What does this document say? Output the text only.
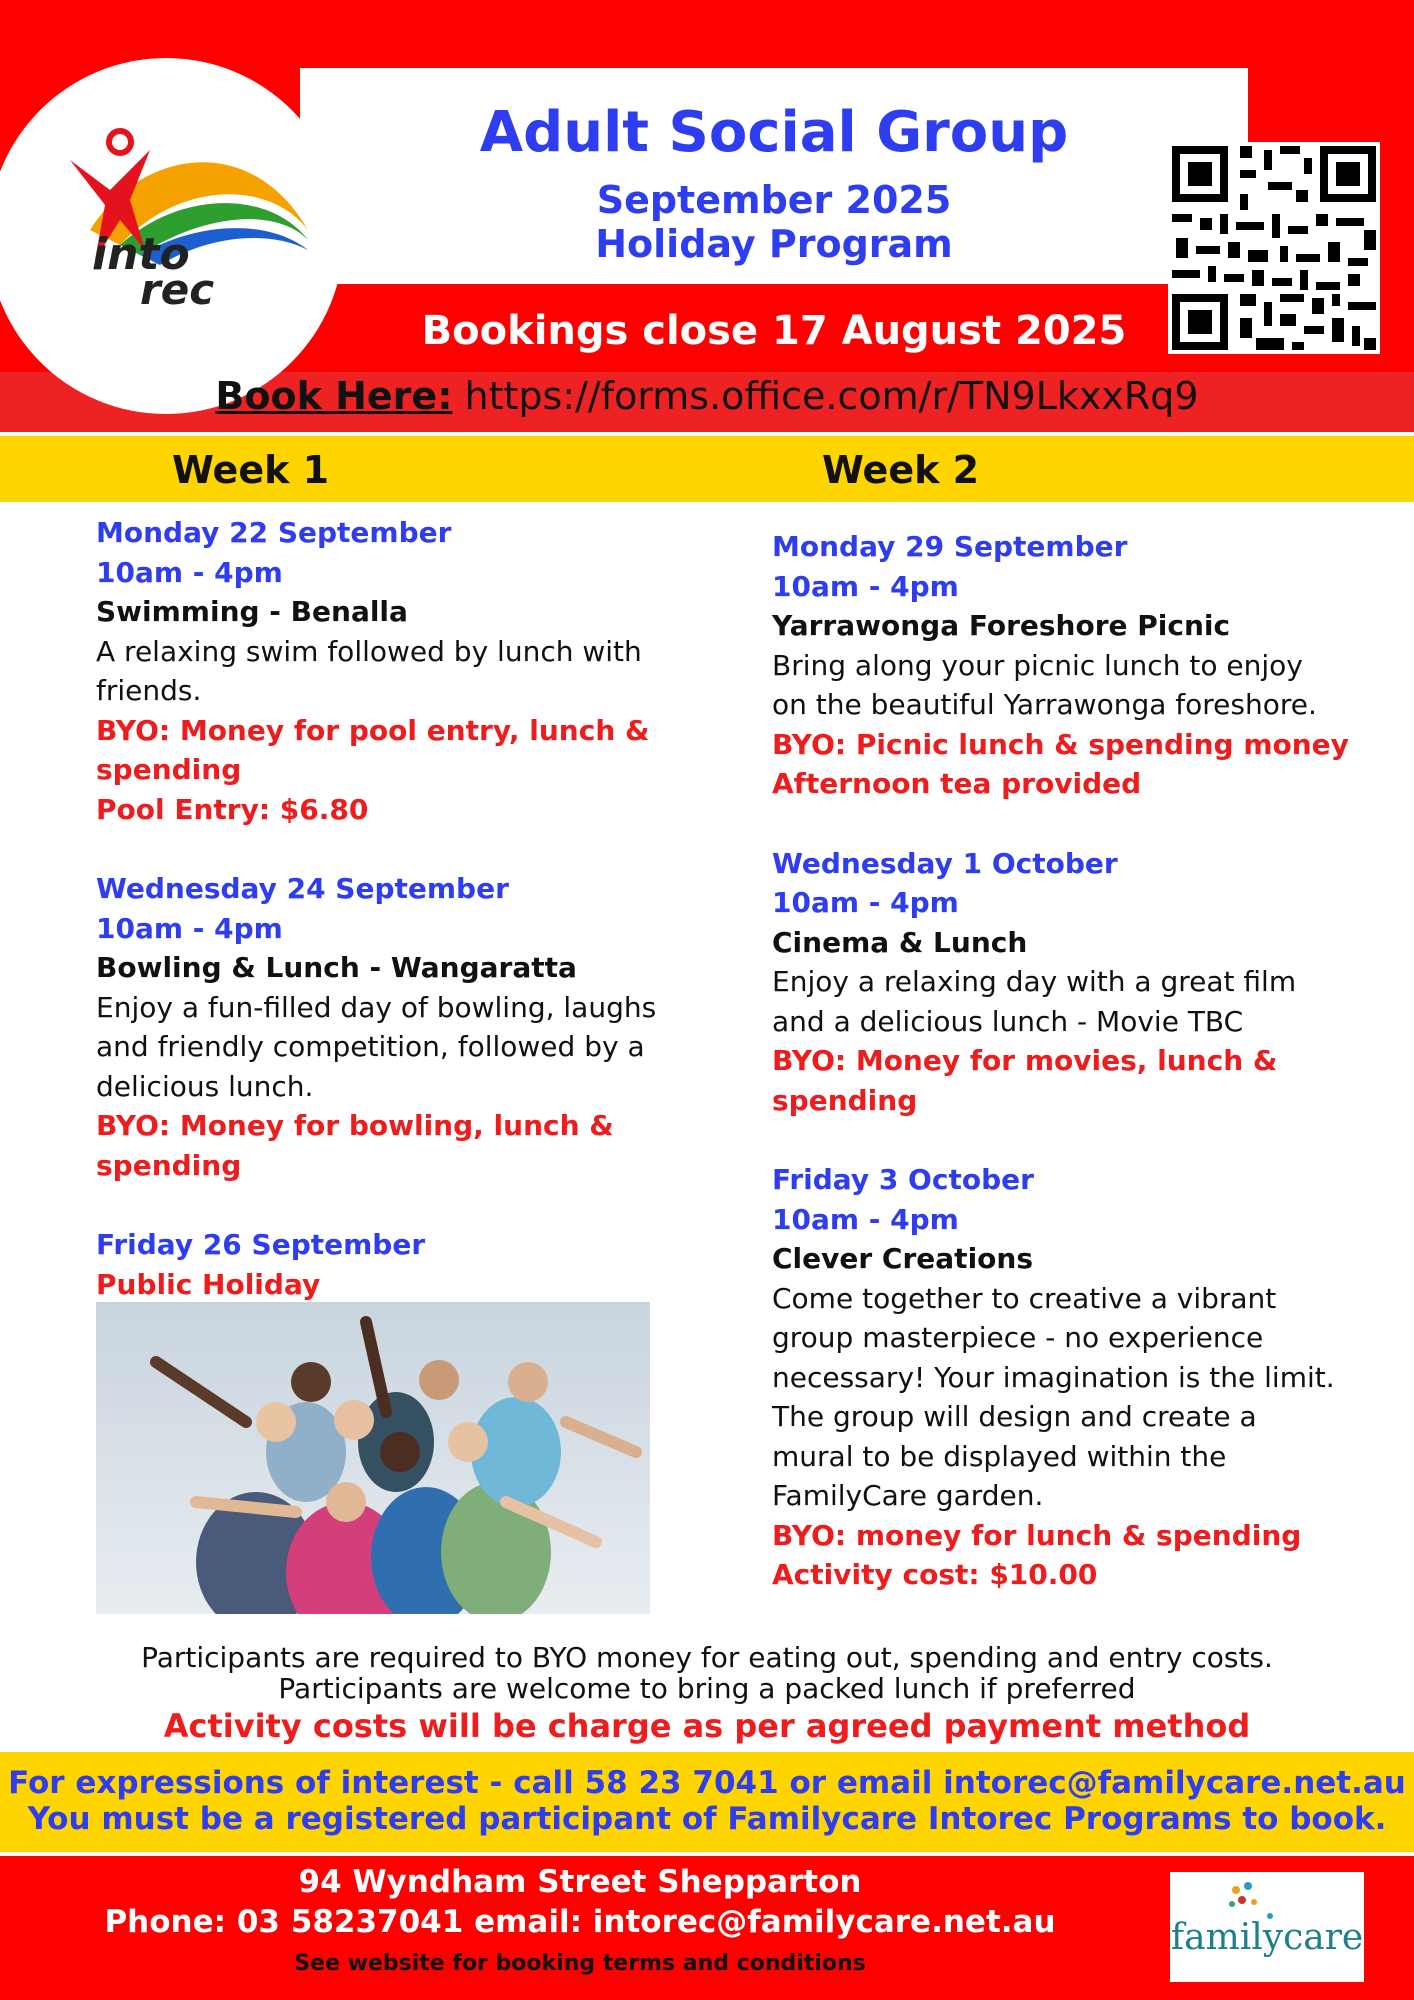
into
rec
Adult Social Group
September 2025
Holiday Program
Bookings close 17 August 2025
Book Here: https://forms.office.com/r/TN9LkxxRq9
Week 1	Week 2

Monday 22 September

10am - 4pm

Swimming - Benalla

A relaxing swim followed by lunch with

friends.

BYO: Money for pool entry, lunch &

spending

Pool Entry: $6.80

Wednesday 24 September

10am - 4pm

Bowling & Lunch - Wangaratta

Enjoy a fun-filled day of bowling, laughs

and friendly competition, followed by a

delicious lunch.

BYO: Money for bowling, lunch & spending

Friday 26 September

Public Holiday

Monday 29 September

10am - 4pm

Yarrawonga Foreshore Picnic

Bring along your picnic lunch to enjoy

on the beautiful Yarrawonga foreshore.

BYO: Picnic lunch & spending money

Afternoon tea provided

Wednesday 1 October

10am - 4pm

Cinema & Lunch

Enjoy a relaxing day with a great film

and a delicious lunch - Movie TBC

BYO: Money for movies, lunch &

spending

Friday 3 October

10am - 4pm

Clever Creations

Come together to creative a vibrant

group masterpiece - no experience

necessary! Your imagination is the limit.

The group will design and create a

mural to be displayed within the

FamilyCare garden.

BYO: money for lunch & spending

Activity cost: $10.00

Participants are required to BYO money for eating out, spending and entry costs.
Participants are welcome to bring a packed lunch if preferred
Activity costs will be charge as per agreed payment method
For expressions of interest - call 58 23 7041 or email intorec@familycare.net.au
You must be a registered participant of Familycare Intorec Programs to book.
94 Wyndham Street Shepparton
Phone: 03 58237041 email: intorec@familycare.net.au
See website for booking terms and conditions
familycare
